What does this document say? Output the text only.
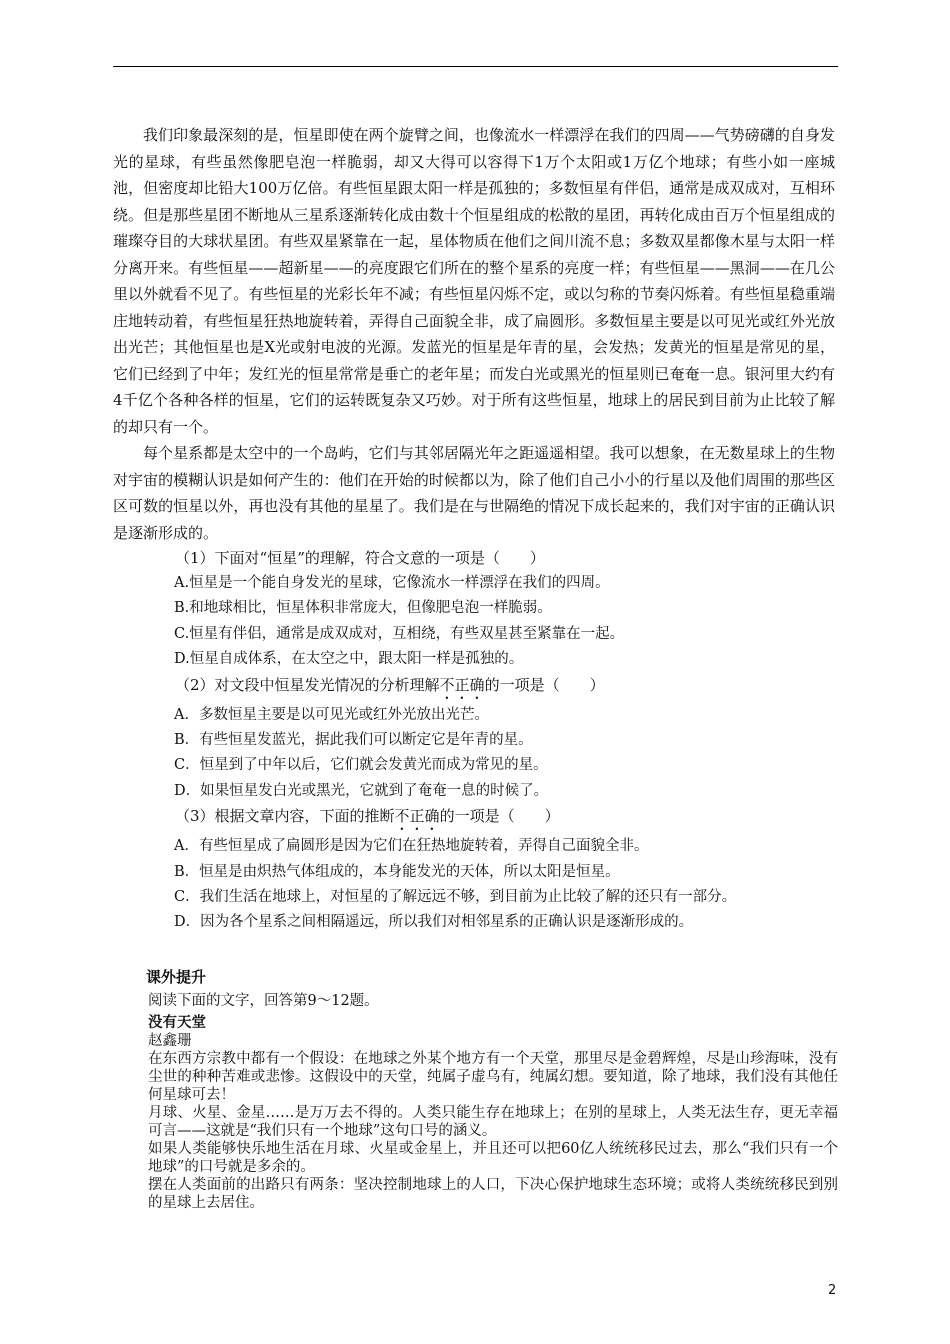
我们印象最深刻的是，恒星即使在两个旋臂之间，也像流水一样漂浮在我们的四周——气势磅礴的自身发光的星球，有些虽然像肥皂泡一样脆弱，却又大得可以容得下1万个太阳或1万亿个地球；有些小如一座城池，但密度却比铅大100万亿倍。有些恒星跟太阳一样是孤独的；多数恒星有伴侣，通常是成双成对，互相环绕。但是那些星团不断地从三星系逐渐转化成由数十个恒星组成的松散的星团，再转化成由百万个恒星组成的璀璨夺目的大球状星团。有些双星紧靠在一起，星体物质在他们之间川流不息；多数双星都像木星与太阳一样分离开来。有些恒星——超新星——的亮度跟它们所在的整个星系的亮度一样；有些恒星——黑洞——在几公里以外就看不见了。有些恒星的光彩长年不减；有些恒星闪烁不定，或以匀称的节奏闪烁着。有些恒星稳重端庄地转动着，有些恒星狂热地旋转着，弄得自己面貌全非，成了扁圆形。多数恒星主要是以可见光或红外光放出光芒；其他恒星也是X光或射电波的光源。发蓝光的恒星是年青的星，会发热；发黄光的恒星是常见的星，它们已经到了中年；发红光的恒星常常是垂亡的老年星；而发白光或黑光的恒星则已奄奄一息。银河里大约有4千亿个各种各样的恒星，它们的运转既复杂又巧妙。对于所有这些恒星，地球上的居民到目前为止比较了解的却只有一个。

每个星系都是太空中的一个岛屿，它们与其邻居隔光年之距遥遥相望。我可以想象，在无数星球上的生物对宇宙的模糊认识是如何产生的：他们在开始的时候都以为，除了他们自己小小的行星以及他们周围的那些区区可数的恒星以外，再也没有其他的星星了。我们是在与世隔绝的情况下成长起来的，我们对宇宙的正确认识是逐渐形成的。

（1）下面对“恒星”的理解，符合文意的一项是（　　）

A.恒星是一个能自身发光的星球，它像流水一样漂浮在我们的四周。

B.和地球相比，恒星体积非常庞大，但像肥皂泡一样脆弱。

C.恒星有伴侣，通常是成双成对，互相绕，有些双星甚至紧靠在一起。

D.恒星自成体系，在太空之中，跟太阳一样是孤独的。

（2）对文段中恒星发光情况的分析理解不正确的一项是（　　）

A．多数恒星主要是以可见光或红外光放出光芒。

B．有些恒星发蓝光，据此我们可以断定它是年青的星。

C．恒星到了中年以后，它们就会发黄光而成为常见的星。

D．如果恒星发白光或黑光，它就到了奄奄一息的时候了。

（3）根据文章内容，下面的推断不正确的一项是（　　）

A．有些恒星成了扁圆形是因为它们在狂热地旋转着，弄得自己面貌全非。

B．恒星是由炽热气体组成的，本身能发光的天体，所以太阳是恒星。

C．我们生活在地球上，对恒星的了解远远不够，到目前为止比较了解的还只有一部分。

D．因为各个星系之间相隔遥远，所以我们对相邻星系的正确认识是逐渐形成的。

课外提升

阅读下面的文字，回答第9～12题。

没有天堂

赵鑫珊

在东西方宗教中都有一个假设：在地球之外某个地方有一个天堂，那里尽是金碧辉煌，尽是山珍海味，没有尘世的种种苦难或悲惨。这假设中的天堂，纯属子虚乌有，纯属幻想。要知道，除了地球，我们没有其他任何星球可去！

月球、火星、金星……是万万去不得的。人类只能生存在地球上；在别的星球上，人类无法生存，更无幸福可言——这就是“我们只有一个地球”这句口号的涵义。

如果人类能够快乐地生活在月球、火星或金星上，并且还可以把60亿人统统移民过去，那么“我们只有一个地球”的口号就是多余的。

摆在人类面前的出路只有两条：坚决控制地球上的人口，下决心保护地球生态环境；或将人类统统移民到别的星球上去居住。

2
